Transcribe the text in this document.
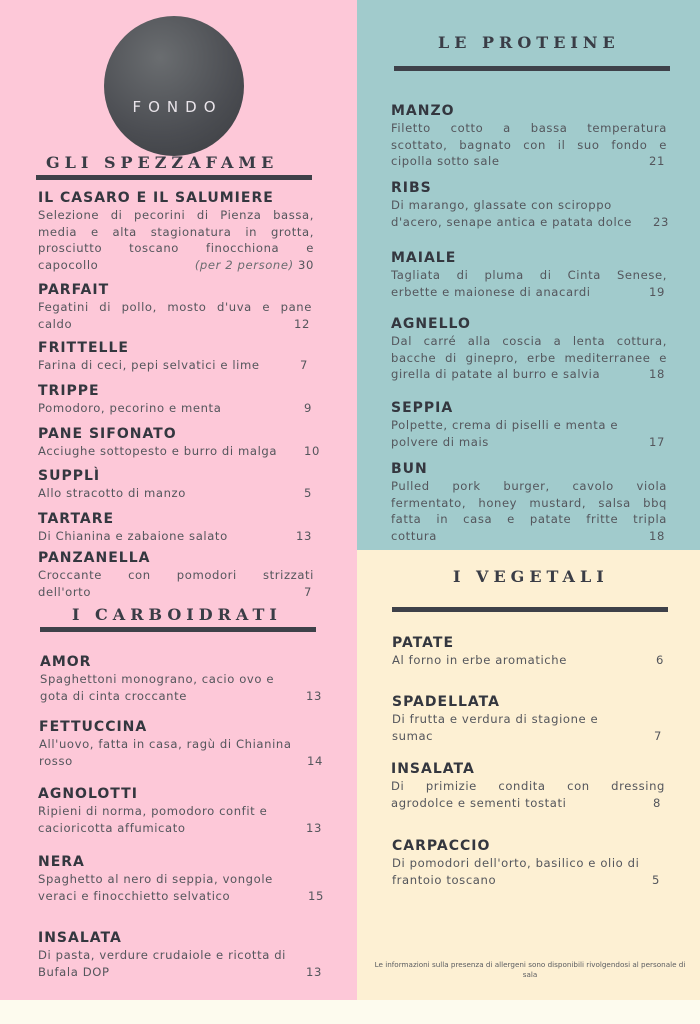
FONDO
GLI SPEZZAFAME
I CARBOIDRATI
LE PROTEINE
I VEGETALI
IL CASARO E IL SALUMIERE
Selezione di pecorini di Pienza bassa,
media e alta stagionatura in grotta,
prosciutto toscano finocchiona e
capocollo	(per 2 persone) 30
PARFAIT
Fegatini di pollo, mosto d'uva e pane
caldo	12
FRITTELLE
Farina di ceci, pepi selvatici e lime	7
TRIPPE
Pomodoro, pecorino e menta	9
PANE SIFONATO
Acciughe sottopesto e burro di malga 10
SUPPLÌ
Allo stracotto di manzo	5
TARTARE
Di Chianina e zabaione salato	13
PANZANELLA
Croccante con pomodori strizzati
dell'orto	7
AMOR
Spaghettoni monograno, cacio ovo e
gota di cinta croccante	13
FETTUCCINA
All'uovo, fatta in casa, ragù di Chianina
rosso	14
AGNOLOTTI
Ripieni di norma, pomodoro confit e
cacioricotta affumicato	13
NERA
Spaghetto al nero di seppia, vongole
veraci e finocchietto selvatico	15
INSALATA
Di pasta, verdure crudaiole e ricotta di
Bufala DOP	13
MANZO
Filetto cotto a bassa temperatura
scottato, bagnato con il suo fondo e
cipolla sotto sale	21
RIBS
Di marango, glassate con sciroppo
d'acero, senape antica e patata dolce 23
MAIALE
Tagliata di pluma di Cinta Senese,
erbette e maionese di anacardi	19
AGNELLO
Dal carré alla coscia a lenta cottura,
bacche di ginepro, erbe mediterranee e
girella di patate al burro e salvia	18
SEPPIA
Polpette, crema di piselli e menta e
polvere di mais	17
BUN
Pulled pork burger, cavolo viola
fermentato, honey mustard, salsa bbq
fatta in casa e patate fritte tripla
cottura	18
PATATE
Al forno in erbe aromatiche	6
SPADELLATA
Di frutta e verdura di stagione e
sumac	7
INSALATA
Di primizie condita con dressing
agrodolce e sementi tostati	8
CARPACCIO
Di pomodori dell'orto, basilico e olio di
frantoio toscano	5
Le informazioni sulla presenza di allergeni sono disponibili rivolgendosi al personale di sala
